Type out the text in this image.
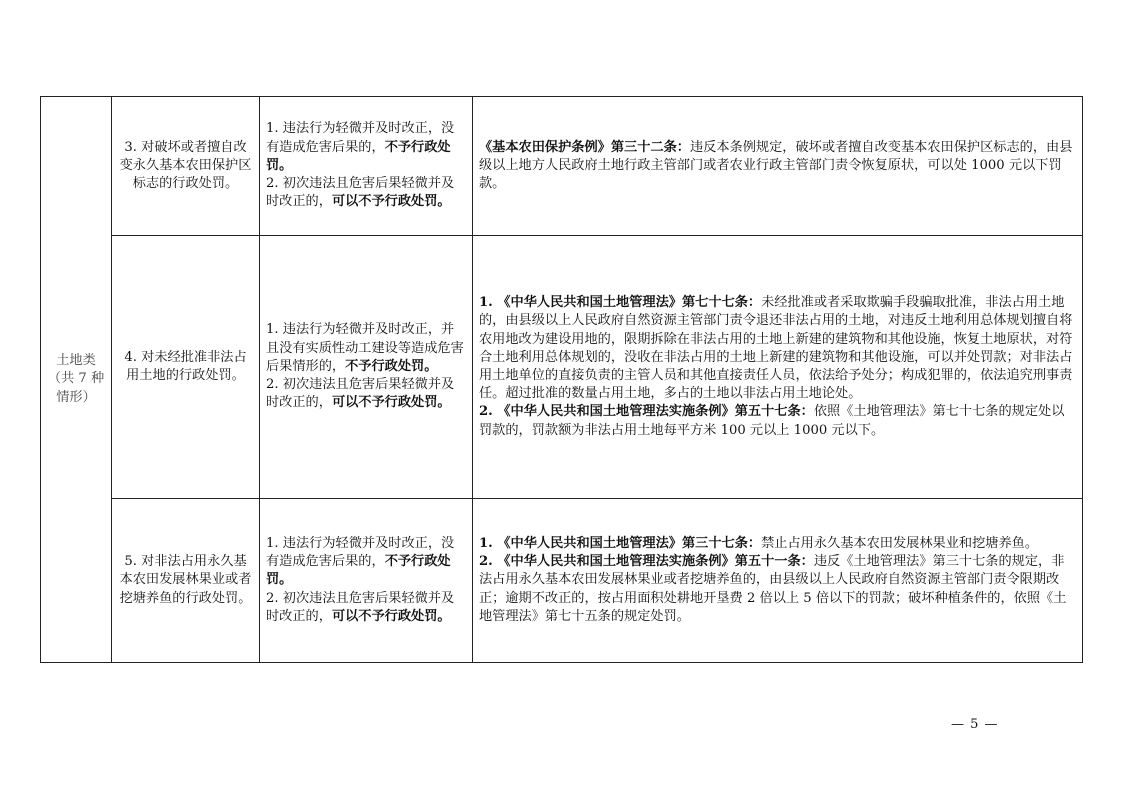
土地类（共 7 种情形）	3. 对破坏或者擅自改变永久基本农田保护区标志的行政处罚。	1. 违法行为轻微并及时改正，没有造成危害后果的，不予行政处罚。
2. 初次违法且危害后果轻微并及时改正的，可以不予行政处罚。	《基本农田保护条例》第三十二条：违反本条例规定，破坏或者擅自改变基本农田保护区标志的，由县级以上地方人民政府土地行政主管部门或者农业行政主管部门责令恢复原状，可以处 1000 元以下罚款。

	4. 对未经批准非法占用土地的行政处罚。	1. 违法行为轻微并及时改正，并且没有实质性动工建设等造成危害后果情形的，不予行政处罚。
2. 初次违法且危害后果轻微并及时改正的，可以不予行政处罚。	1. 《中华人民共和国土地管理法》第七十七条：未经批准或者采取欺骗手段骗取批准，非法占用土地的，由县级以上人民政府自然资源主管部门责令退还非法占用的土地，对违反土地利用总体规划擅自将农用地改为建设用地的，限期拆除在非法占用的土地上新建的建筑物和其他设施，恢复土地原状，对符合土地利用总体规划的，没收在非法占用的土地上新建的建筑物和其他设施，可以并处罚款；对非法占用土地单位的直接负责的主管人员和其他直接责任人员，依法给予处分；构成犯罪的，依法追究刑事责任。超过批准的数量占用土地，多占的土地以非法占用土地论处。
2. 《中华人民共和国土地管理法实施条例》第五十七条：依照《土地管理法》第七十七条的规定处以罚款的，罚款额为非法占用土地每平方米 100 元以上 1000 元以下。

	5. 对非法占用永久基本农田发展林果业或者挖塘养鱼的行政处罚。	1. 违法行为轻微并及时改正，没有造成危害后果的，不予行政处罚。
2. 初次违法且危害后果轻微并及时改正的，可以不予行政处罚。	1. 《中华人民共和国土地管理法》第三十七条：禁止占用永久基本农田发展林果业和挖塘养鱼。
2. 《中华人民共和国土地管理法实施条例》第五十一条：违反《土地管理法》第三十七条的规定，非法占用永久基本农田发展林果业或者挖塘养鱼的，由县级以上人民政府自然资源主管部门责令限期改正；逾期不改正的，按占用面积处耕地开垦费 2 倍以上 5 倍以下的罚款；破坏种植条件的，依照《土地管理法》第七十五条的规定处罚。
— 5 —
